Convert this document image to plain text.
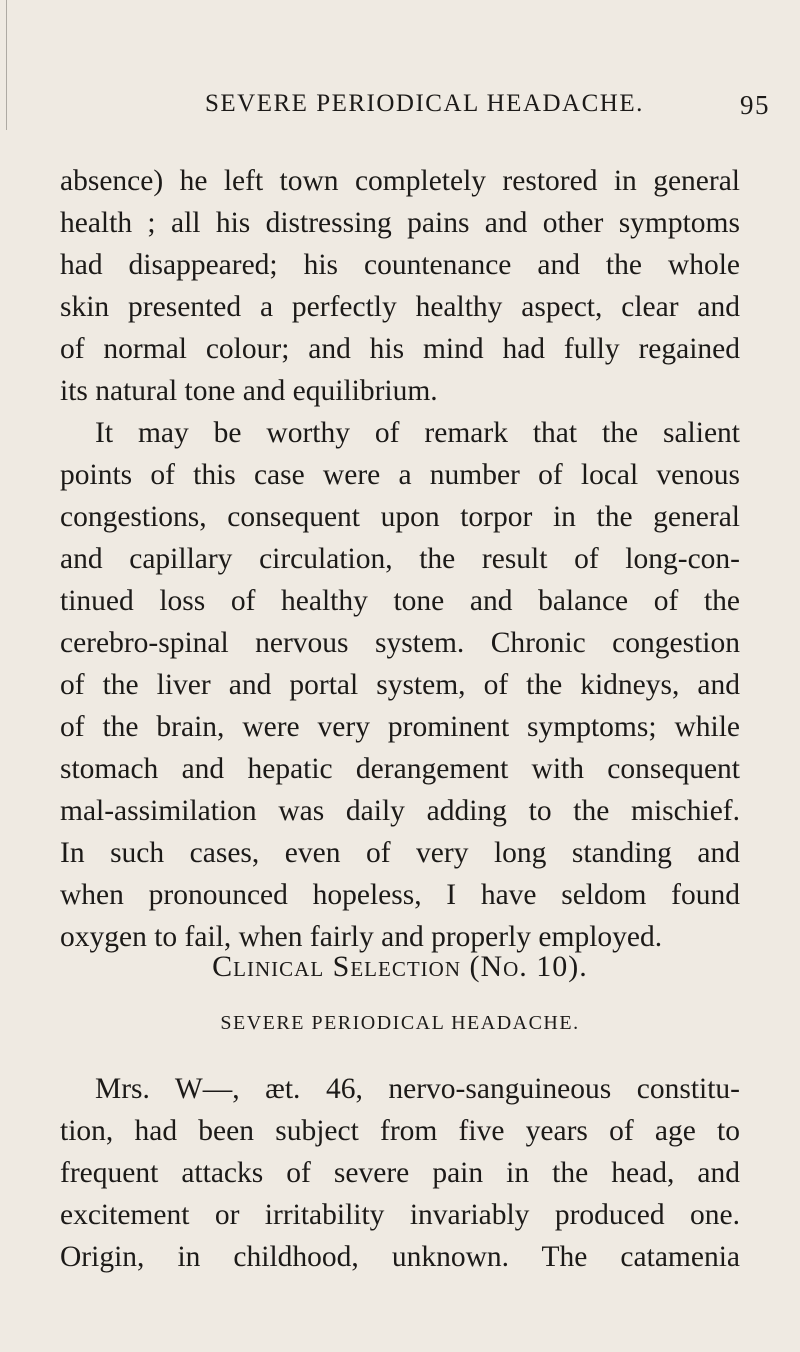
SEVERE PERIODICAL HEADACHE.	95
absence) he left town completely restored in general
health ; all his distressing pains and other symptoms
had disappeared; his countenance and the whole
skin presented a perfectly healthy aspect, clear and
of normal colour; and his mind had fully regained
its natural tone and equilibrium.
It may be worthy of remark that the salient
points of this case were a number of local venous
congestions, consequent upon torpor in the general
and capillary circulation, the result of long-con-
tinued loss of healthy tone and balance of the
cerebro-spinal nervous system. Chronic congestion
of the liver and portal system, of the kidneys, and
of the brain, were very prominent symptoms; while
stomach and hepatic derangement with consequent
mal-assimilation was daily adding to the mischief.
In such cases, even of very long standing and
when pronounced hopeless, I have seldom found
oxygen to fail, when fairly and properly employed.
Clinical Selection (No. 10).
SEVERE PERIODICAL HEADACHE.
Mrs. W—, æt. 46, nervo-sanguineous constitu-
tion, had been subject from five years of age to
frequent attacks of severe pain in the head, and
excitement or irritability invariably produced one.
Origin, in childhood, unknown. The catamenia
